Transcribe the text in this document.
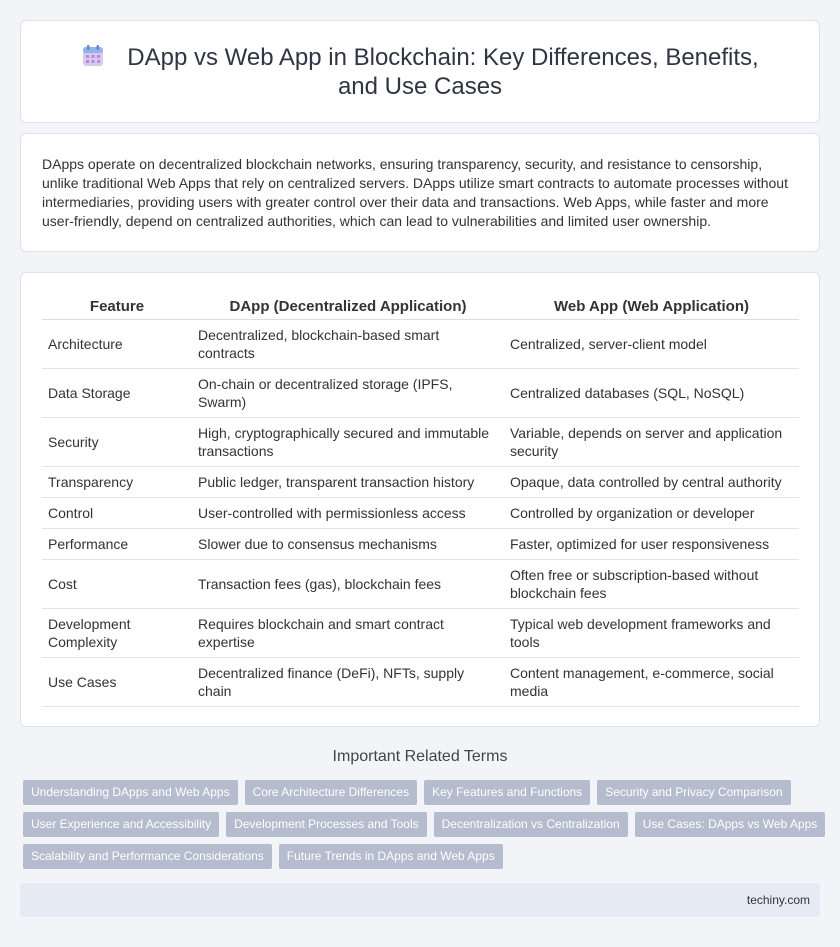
DApp vs Web App in Blockchain: Key Differences, Benefits, and Use Cases

DApps operate on decentralized blockchain networks, ensuring transparency, security, and resistance to censorship, unlike traditional Web Apps that rely on centralized servers. DApps utilize smart contracts to automate processes without intermediaries, providing users with greater control over their data and transactions. Web Apps, while faster and more user-friendly, depend on centralized authorities, which can lead to vulnerabilities and limited user ownership.

Feature	DApp (Decentralized Application)	Web App (Web Application)
Architecture	Decentralized, blockchain-based smart contracts	Centralized, server-client model
Data Storage	On-chain or decentralized storage (IPFS, Swarm)	Centralized databases (SQL, NoSQL)
Security	High, cryptographically secured and immutable transactions	Variable, depends on server and application security
Transparency	Public ledger, transparent transaction history	Opaque, data controlled by central authority
Control	User-controlled with permissionless access	Controlled by organization or developer
Performance	Slower due to consensus mechanisms	Faster, optimized for user responsiveness
Cost	Transaction fees (gas), blockchain fees	Often free or subscription-based without blockchain fees
Development Complexity	Requires blockchain and smart contract expertise	Typical web development frameworks and tools
Use Cases	Decentralized finance (DeFi), NFTs, supply chain	Content management, e-commerce, social media
Important Related Terms
Understanding DApps and Web Apps	Core Architecture Differences	Key Features and Functions	Security and Privacy Comparison
User Experience and Accessibility	Development Processes and Tools	Decentralization vs Centralization	Use Cases: DApps vs Web Apps
Scalability and Performance Considerations	Future Trends in DApps and Web Apps
techiny.com
